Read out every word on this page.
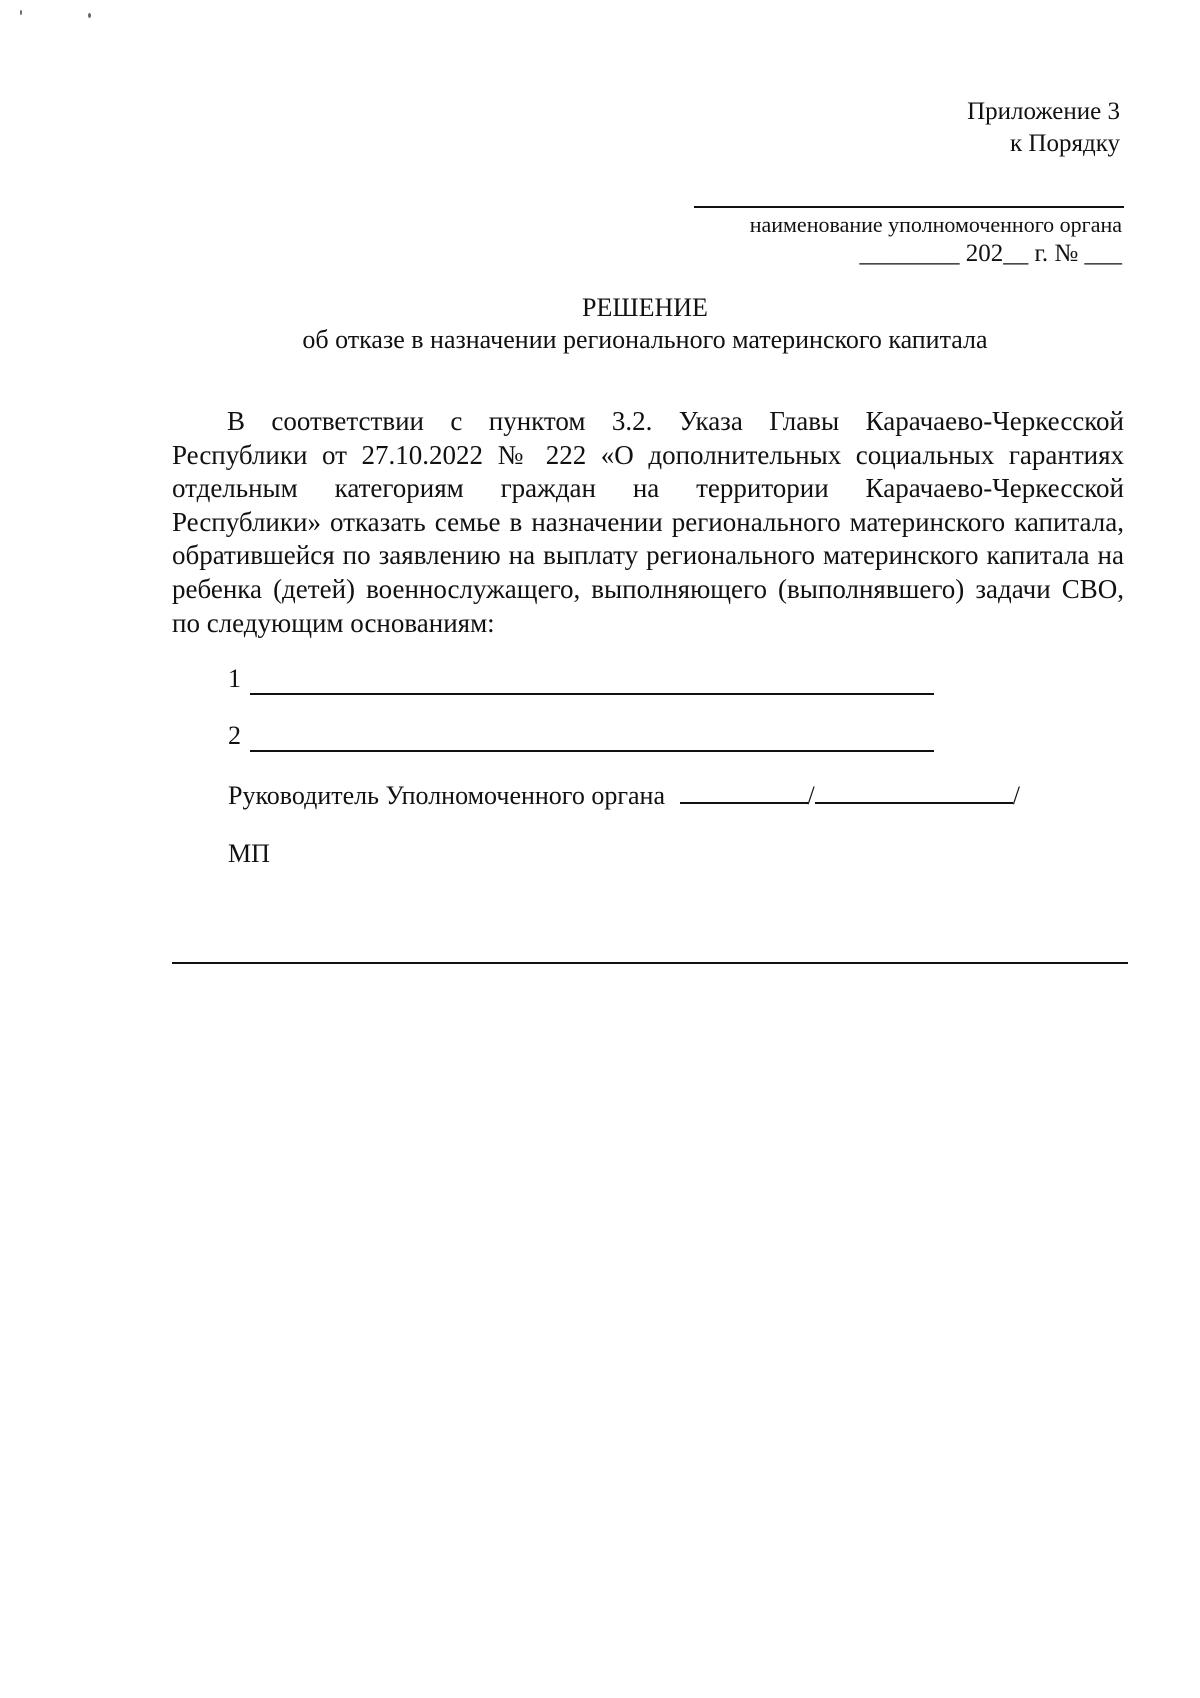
Приложение 3
к Порядку
наименование уполномоченного органа
________ 202__ г. № ___
РЕШЕНИЕ
об отказе в назначении регионального материнского капитала
В соответствии с пунктом 3.2. Указа Главы Карачаево-Черкесской Республики от 27.10.2022 № 222 «О дополнительных социальных гарантиях отдельным категориям граждан на территории Карачаево-Черкесской Республики» отказать семье в назначении регионального материнского капитала, обратившейся по заявлению на выплату регионального материнского капитала на ребенка (детей) военнослужащего, выполняющего (выполнявшего) задачи СВО, по следующим основаниям:
1
2
Руководитель Уполномоченного органа	/	/
МП
